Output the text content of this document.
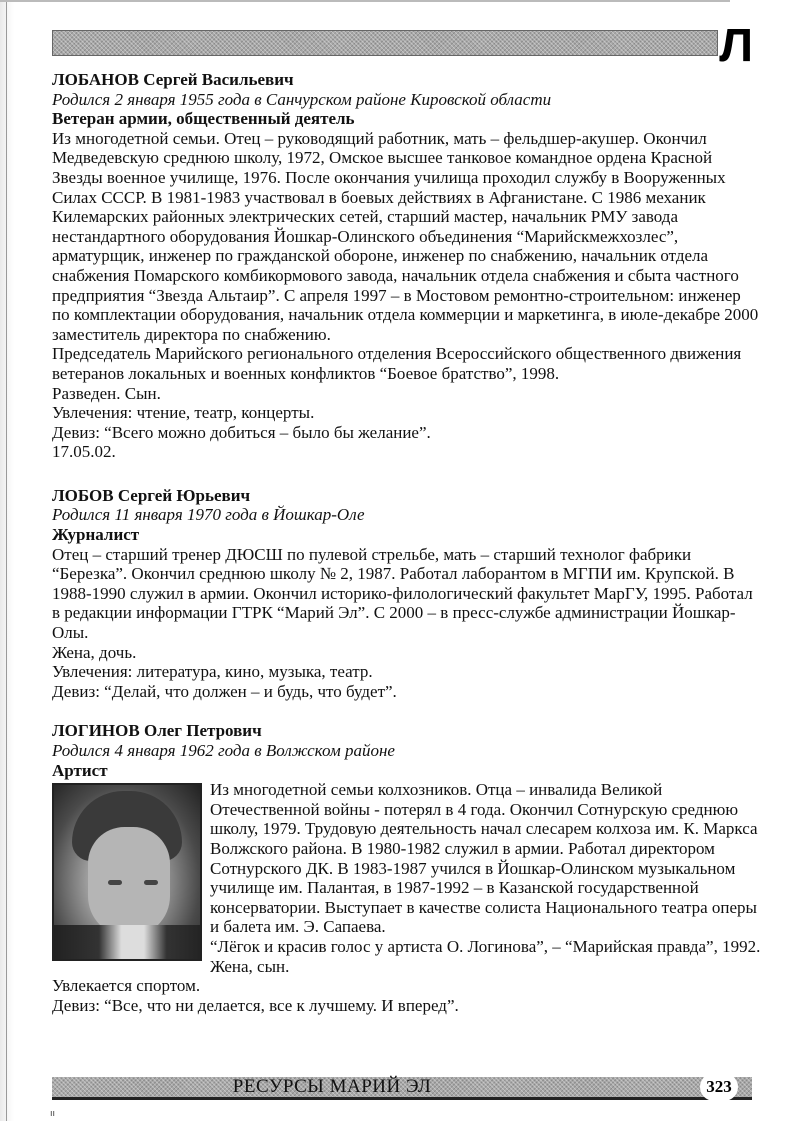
Л
ЛОБАНОВ Сергей Васильевич
Родился 2 января 1955 года в Санчурском районе Кировской области
Ветеран армии, общественный деятель

Из многодетной семьи. Отец – руководящий работник, мать – фельдшер-акушер. Окончил Медведевскую среднюю школу, 1972, Омское высшее танковое командное ордена Красной Звезды военное училище, 1976. После окончания училища проходил службу в Вооруженных Силах СССР. В 1981-1983 участвовал в боевых действиях в Афганистане. С 1986 механик Килемарских районных электрических сетей, старший мастер, начальник РМУ завода нестандартного оборудования Йошкар-Олинского объединения “Марийскмежхозлес”, арматурщик, инженер по гражданской обороне, инженер по снабжению, начальник отдела снабжения Помарского комбикормового завода, начальник отдела снабжения и сбыта частного предприятия “Звезда Альтаир”. С апреля 1997 – в Мостовом ремонтно-строительном: инженер по комплектации оборудования, начальник отдела коммерции и маркетинга, в июле-декабре 2000 заместитель директора по снабжению.

Председатель Марийского регионального отделения Всероссийского общественного движения ветеранов локальных и военных конфликтов “Боевое братство”, 1998.

Разведен. Сын.

Увлечения: чтение, театр, концерты.

Девиз: “Всего можно добиться – было бы желание”.

17.05.02.

ЛОБОВ Сергей Юрьевич
Родился 11 января 1970 года в Йошкар-Оле
Журналист

Отец – старший тренер ДЮСШ по пулевой стрельбе, мать – старший технолог фабрики “Березка”. Окончил среднюю школу № 2, 1987. Работал лаборантом в МГПИ им. Крупской. В 1988-1990 служил в армии. Окончил историко-филологический факультет МарГУ, 1995. Работал в редакции информации ГТРК “Марий Эл”. С 2000 – в пресс-службе администрации Йошкар-Олы.

Жена, дочь.

Увлечения: литература, кино, музыка, театр.

Девиз: “Делай, что должен – и будь, что будет”.

ЛОГИНОВ Олег Петрович
Родился 4 января 1962 года в Волжском районе
Артист

Из многодетной семьи колхозников. Отца – инвалида Великой Отечественной войны - потерял в 4 года. Окончил Сотнурскую среднюю школу, 1979. Трудовую деятельность начал слесарем колхоза им. К. Маркса Волжского района. В 1980-1982 служил в армии. Работал директором Сотнурского ДК. В 1983-1987 учился в Йошкар-Олинском музыкальном училище им. Палантая, в 1987-1992 – в Казанской государственной консерватории. Выступает в качестве солиста Национального театра оперы и балета им. Э. Сапаева.

“Лёгок и красив голос у артиста О. Логинова”, – “Марийская правда”, 1992.

Жена, сын.

Увлекается спортом.

Девиз: “Все, что ни делается, все к лучшему. И вперед”.

РЕСУРСЫ МАРИЙ ЭЛ	323
ıı
